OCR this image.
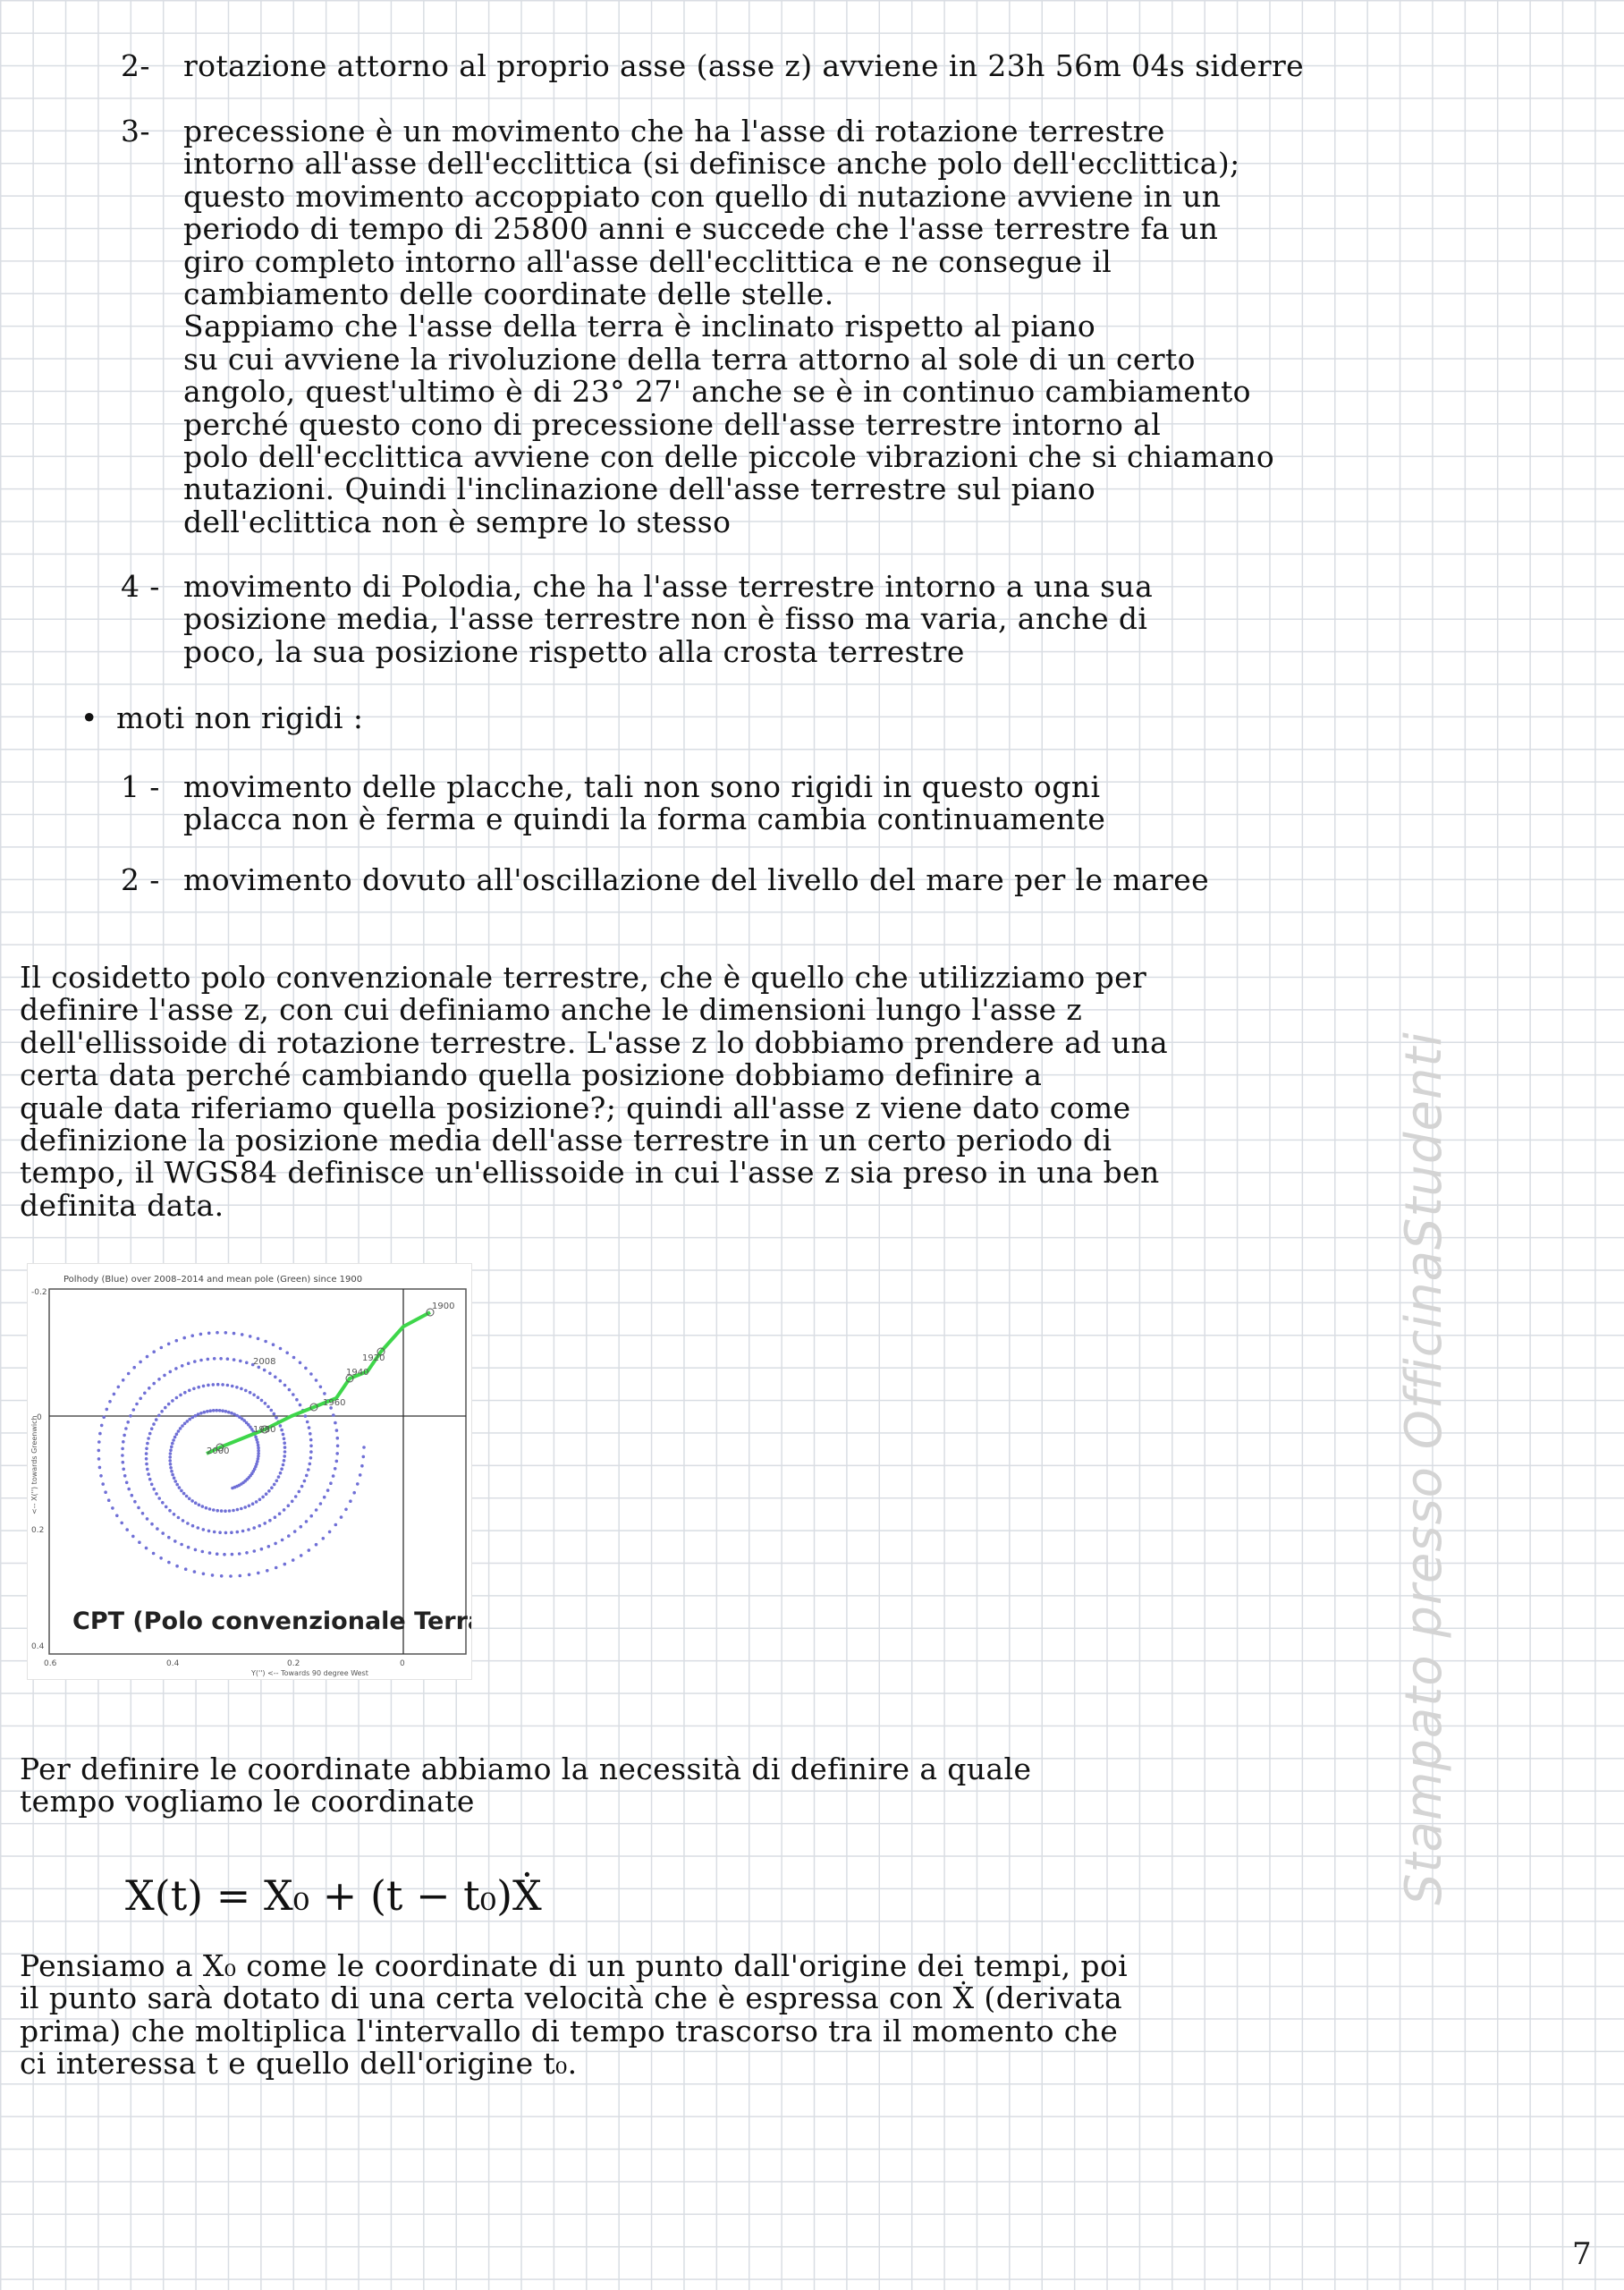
2- rotazione attorno al proprio asse (asse z) avviene in 23h 56m 04s siderre
3- precessione è un movimento che ha l'asse di rotazione terrestre
intorno all'asse dell'ecclittica (si definisce anche polo dell'ecclittica);
questo movimento accoppiato con quello di nutazione avviene in un
periodo di tempo di 25800 anni e succede che l'asse terrestre fa un
giro completo intorno all'asse dell'ecclittica e ne consegue il
cambiamento delle coordinate delle stelle.
Sappiamo che l'asse della terra è inclinato rispetto al piano
su cui avviene la rivoluzione della terra attorno al sole di un certo
angolo, quest'ultimo è di 23° 27' anche se è in continuo cambiamento
perché questo cono di precessione dell'asse terrestre intorno al
polo dell'ecclittica avviene con delle piccole vibrazioni che si chiamano
nutazioni. Quindi l'inclinazione dell'asse terrestre sul piano
dell'eclittica non è sempre lo stesso
4 - movimento di Polodia, che ha l'asse terrestre intorno a una sua
posizione media, l'asse terrestre non è fisso ma varia, anche di
poco, la sua posizione rispetto alla crosta terrestre
• moti non rigidi :
1 - movimento delle placche, tali non sono rigidi in questo ogni
placca non è ferma e quindi la forma cambia continuamente
2 - movimento dovuto all'oscillazione del livello del mare per le maree
Il cosidetto polo convenzionale terrestre, che è quello che utilizziamo per
definire l'asse z, con cui definiamo anche le dimensioni lungo l'asse z
dell'ellissoide di rotazione terrestre. L'asse z lo dobbiamo prendere ad una
certa data perché cambiando quella posizione dobbiamo definire a
quale data riferiamo quella posizione?; quindi all'asse z viene dato come
definizione la posizione media dell'asse terrestre in un certo periodo di
tempo, il WGS84 definisce un'ellissoide in cui l'asse z sia preso in una ben
definita data.
Polhody (Blue) over 2008–2014 and mean pole (Green) since 1900
2008
1900
1920
1940
1960
1980
2000
-0.2
0
0.2
0.4
0.6	0.4	0.2	0
Y('') <-- Towards 90 degree West
<-- X('') towards Greenwich
CPT (Polo convenzionale Terra)	Stampato presso OfficinaStudenti
Per definire le coordinate abbiamo la necessità di definire a quale
tempo vogliamo le coordinate
X(t) = X₀ + (t − t₀)Ẋ
Pensiamo a X₀ come le coordinate di un punto dall'origine dei tempi, poi
il punto sarà dotato di una certa velocità che è espressa con Ẋ (derivata
prima) che moltiplica l'intervallo di tempo trascorso tra il momento che
ci interessa t e quello dell'origine t₀.
7
